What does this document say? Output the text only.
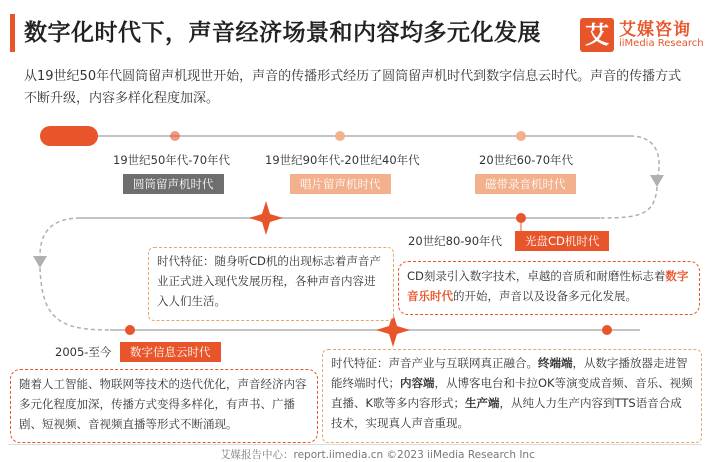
数字化时代下，声音经济场景和内容均多元化发展 艾 艾媒咨询
iiMedia Research
从19世纪50年代圆筒留声机现世开始，声音的传播形式经历了圆筒留声机时代到数字信息云时代。声音的传播方式不断升级，内容多样化程度加深。
19世纪50年代-70年代
圆筒留声机时代
19世纪90年代-20世纪40年代
唱片留声机时代
20世纪60-70年代
磁带录音机时代
20世纪80-90年代	光盘CD机时代
2005-至今	数字信息云时代
时代特征：随身听CD机的出现标志着声音产业正式进入现代发展历程，各种声音内容进入人们生活。
CD刻录引入数字技术，卓越的音质和耐磨性标志着数字音乐时代的开始，声音以及设备多元化发展。
随着人工智能、物联网等技术的迭代优化，声音经济内容多元化程度加深，传播方式变得多样化，有声书、广播剧、短视频、音视频直播等形式不断涌现。
时代特征：声音产业与互联网真正融合。终端端，从数字播放器走进智能终端时代；内容端，从博客电台和卡拉OK等演变成音频、音乐、视频直播、K歌等多内容形式；生产端，从纯人力生产内容到TTS语音合成技术，实现真人声音重现。
艾媒报告中心：report.iimedia.cn ©2023 iiMedia Research Inc
